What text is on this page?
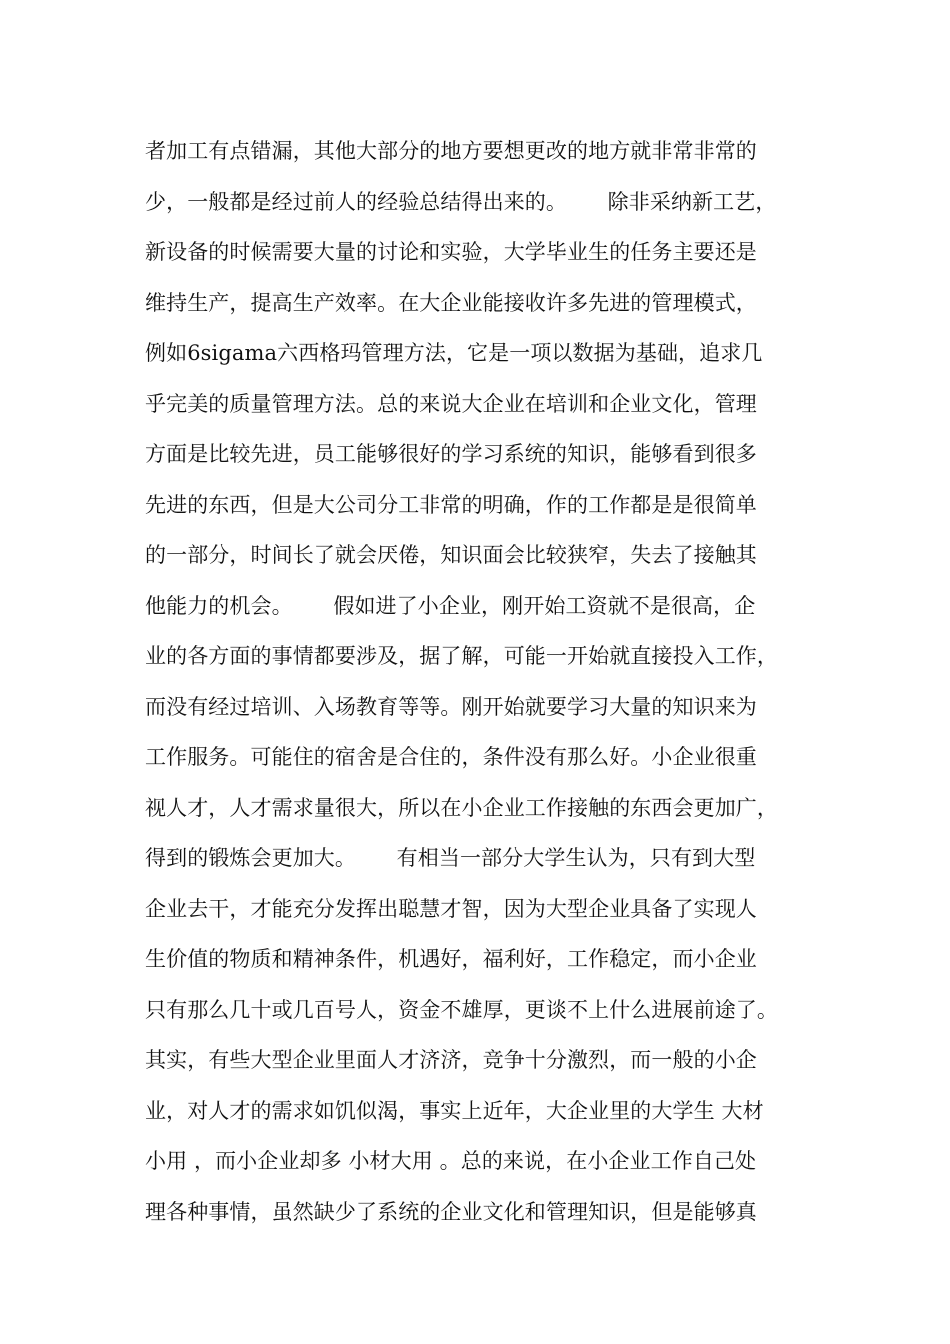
者加工有点错漏，其他大部分的地方要想更改的地方就非常非常的
少，一般都是经过前人的经验总结得出来的。      除非采纳新工艺，
新设备的时候需要大量的讨论和实验，大学毕业生的任务主要还是
维持生产，提高生产效率。在大企业能接收许多先进的管理模式，
例如6sigama六西格玛管理方法，它是一项以数据为基础，追求几
乎完美的质量管理方法。总的来说大企业在培训和企业文化，管理
方面是比较先进，员工能够很好的学习系统的知识，能够看到很多
先进的东西，但是大公司分工非常的明确，作的工作都是是很简单
的一部分，时间长了就会厌倦，知识面会比较狭窄，失去了接触其
他能力的机会。      假如进了小企业，刚开始工资就不是很高，企
业的各方面的事情都要涉及，据了解，可能一开始就直接投入工作，
而没有经过培训、入场教育等等。刚开始就要学习大量的知识来为
工作服务。可能住的宿舍是合住的，条件没有那么好。小企业很重
视人才，人才需求量很大，所以在小企业工作接触的东西会更加广，
得到的锻炼会更加大。      有相当一部分大学生认为，只有到大型
企业去干，才能充分发挥出聪慧才智，因为大型企业具备了实现人
生价值的物质和精神条件，机遇好，福利好，工作稳定，而小企业
只有那么几十或几百号人，资金不雄厚，更谈不上什么进展前途了。
其实，有些大型企业里面人才济济，竞争十分激烈，而一般的小企
业，对人才的需求如饥似渴，事实上近年，大企业里的大学生 大材
小用 ，而小企业却多 小材大用 。总的来说，在小企业工作自己处
理各种事情，虽然缺少了系统的企业文化和管理知识，但是能够真
